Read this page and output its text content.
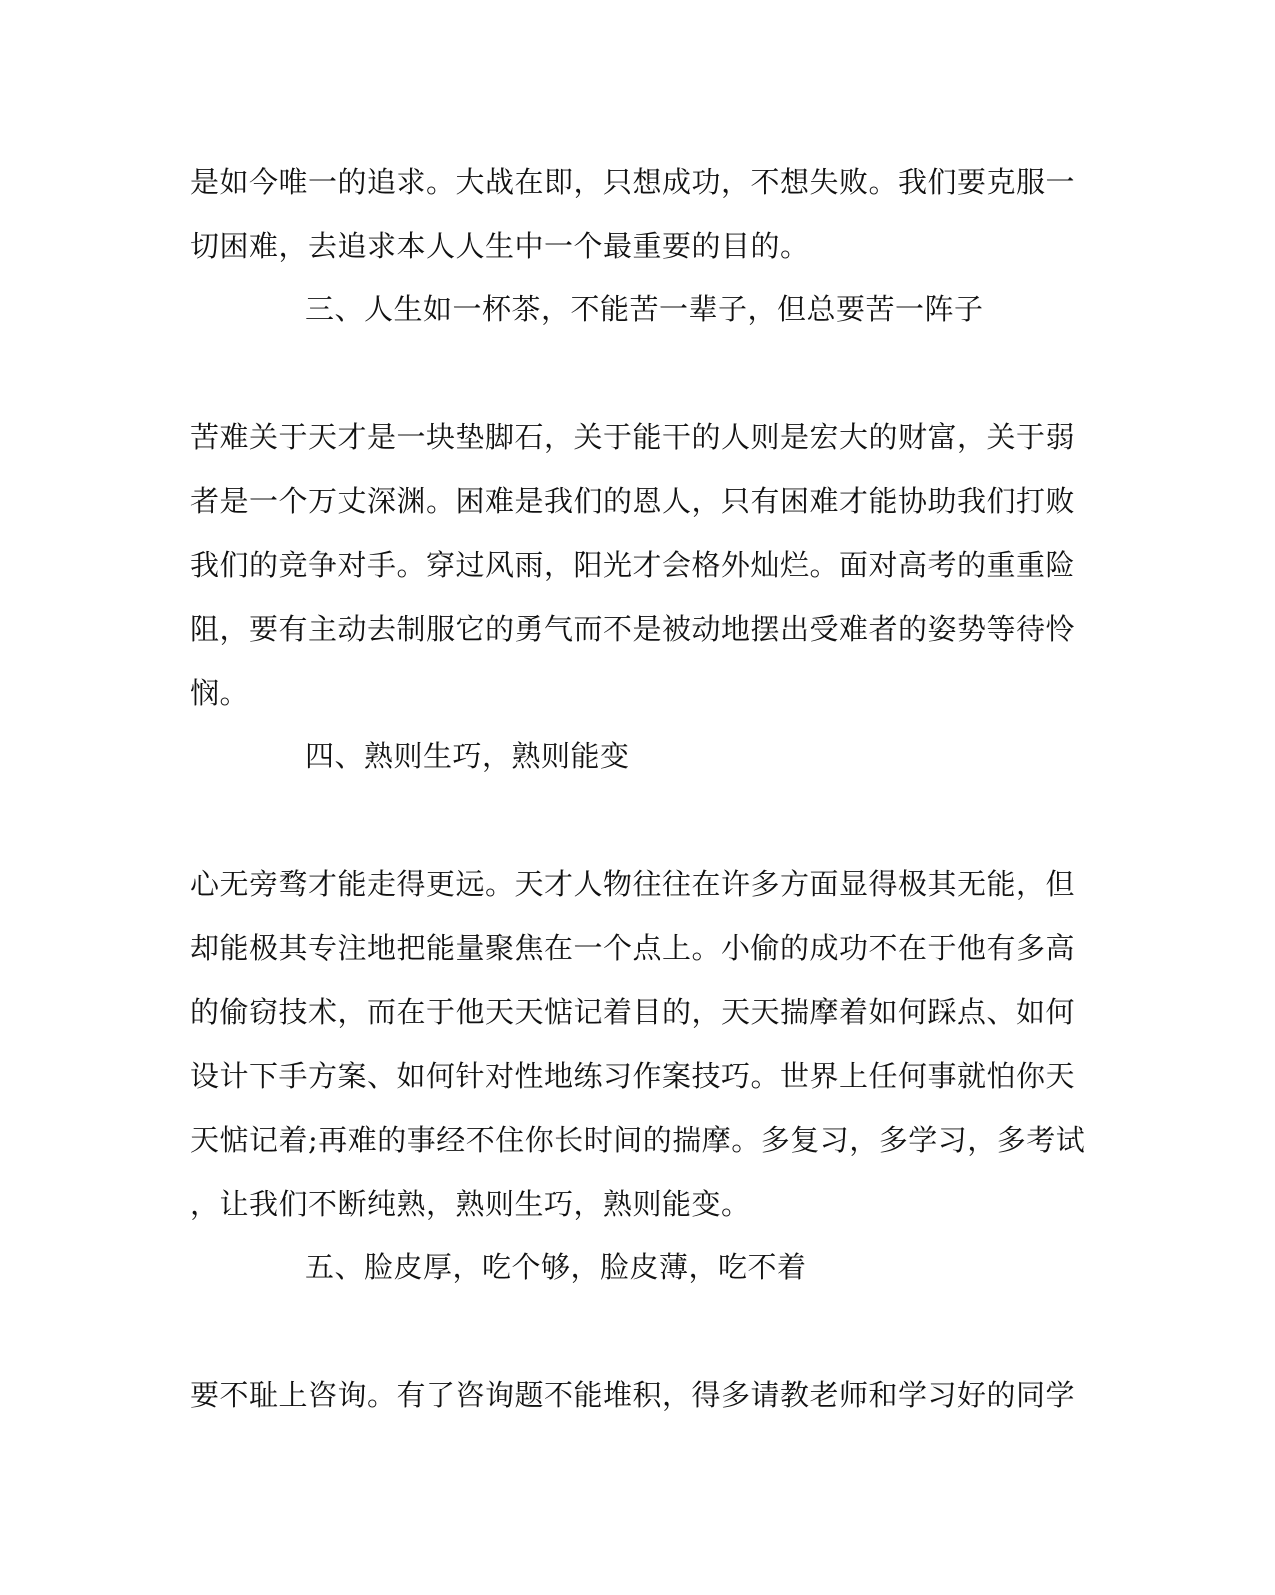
是如今唯一的追求。大战在即，只想成功，不想失败。我们要克服一
切困难，去追求本人人生中一个最重要的目的。
三、人生如一杯茶，不能苦一辈子，但总要苦一阵子
苦难关于天才是一块垫脚石，关于能干的人则是宏大的财富，关于弱
者是一个万丈深渊。困难是我们的恩人，只有困难才能协助我们打败
我们的竞争对手。穿过风雨，阳光才会格外灿烂。面对高考的重重险
阻，要有主动去制服它的勇气而不是被动地摆出受难者的姿势等待怜
悯。
四、熟则生巧，熟则能变
心无旁骛才能走得更远。天才人物往往在许多方面显得极其无能，但
却能极其专注地把能量聚焦在一个点上。小偷的成功不在于他有多高
的偷窃技术，而在于他天天惦记着目的，天天揣摩着如何踩点、如何
设计下手方案、如何针对性地练习作案技巧。世界上任何事就怕你天
天惦记着;再难的事经不住你长时间的揣摩。多复习，多学习，多考试
，让我们不断纯熟，熟则生巧，熟则能变。
五、脸皮厚，吃个够，脸皮薄，吃不着
要不耻上咨询。有了咨询题不能堆积，得多请教老师和学习好的同学
